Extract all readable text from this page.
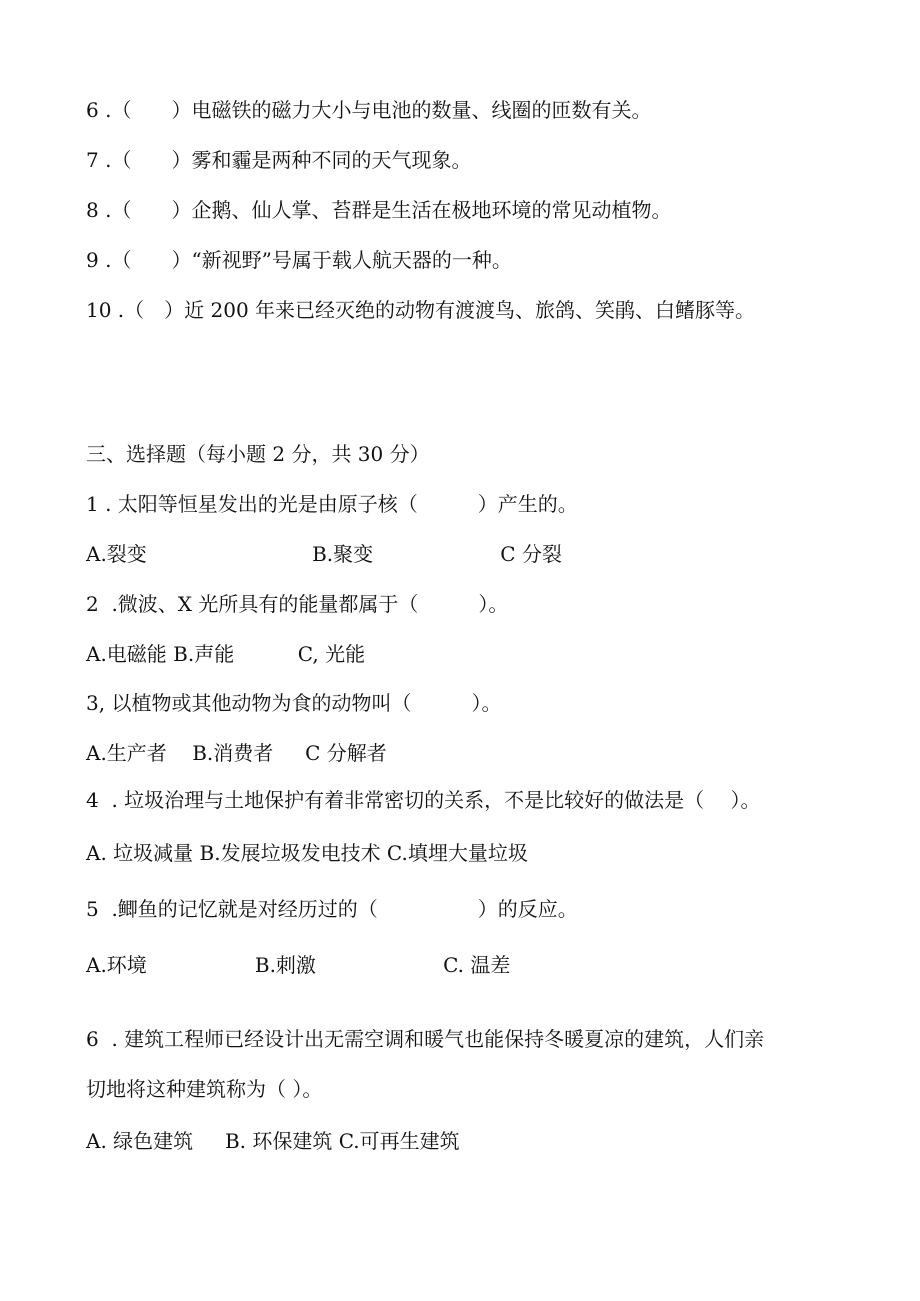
6 .（　　）电磁铁的磁力大小与电池的数量、线圈的匝数有关。

7 .（　　）雾和霾是两种不同的天气现象。

8 .（　　）企鹅、仙人掌、苔群是生活在极地环境的常见动植物。

9 .（　　）“新视野”号属于载人航天器的一种。

10 .（　）近 200 年来已经灭绝的动物有渡渡鸟、旅鸽、笑鹃、白鳍豚等。

三、选择题（每小题 2 分，共 30 分）

1 . 太阳等恒星发出的光是由原子核（　　　）产生的。

A.裂变                          B.聚变                    C 分裂

2  .微波、X 光所具有的能量都属于（　　　）。

A.电磁能 B.声能          C, 光能

3, 以植物或其他动物为食的动物叫（　　　）。

A.生产者    B.消费者     C 分解者

4  . 垃圾治理与土地保护有着非常密切的关系，不是比较好的做法是（　 ）。

A. 垃圾减量 B.发展垃圾发电技术 C.填埋大量垃圾

5  .鲫鱼的记忆就是对经历过的（　　　　　）的反应。

A.环境                 B.刺激                    C. 温差

6  . 建筑工程师已经设计出无需空调和暖气也能保持冬暖夏凉的建筑，人们亲

切地将这种建筑称为（ ）。

A. 绿色建筑     B. 环保建筑 C.可再生建筑
